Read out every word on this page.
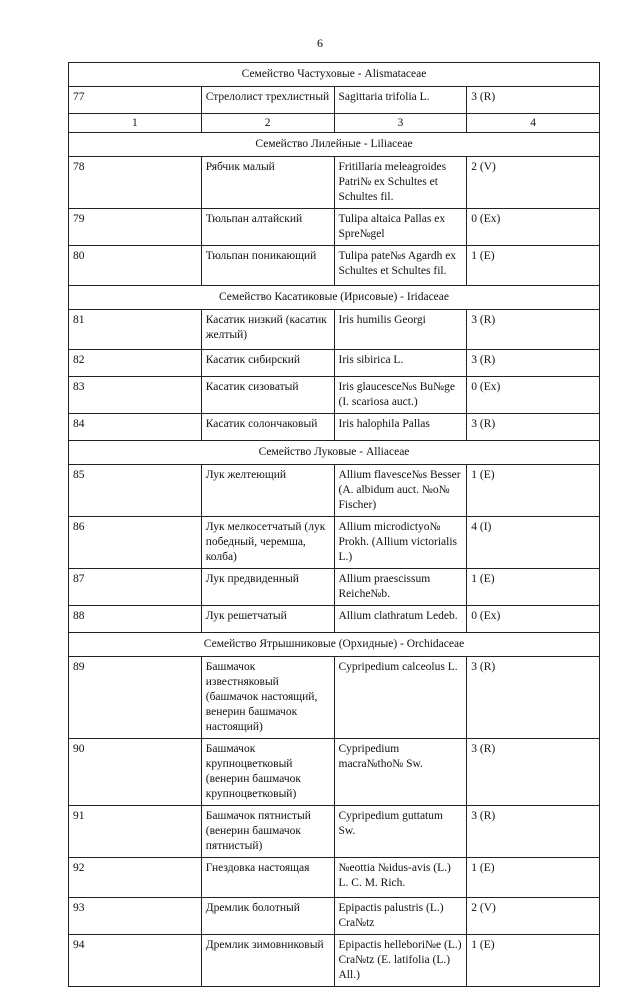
6
Семейство Частуховые - Alismataceae			
77	Стрелолист трехлистный	Sagittaria trifolia L.	3 (R)
1	2	3	4
Семейство Лилейные - Liliaceae			
78	Рябчик малый	Fritillaria meleagroides Patri№ ex Schultes et Schultes fil.	2 (V)
79	Тюльпан алтайский	Tulipa altaica Pallas ex Spre№gel	0 (Ex)
80	Тюльпан поникающий	Tulipa pate№s Agardh ex Schultes et Schultes fil.	1 (E)
Семейство Касатиковые (Ирисовые) - Iridaceae			
81	Касатик низкий (касатик желтый)	Iris humilis Georgi	3 (R)
82	Касатик сибирский	Iris sibirica L.	3 (R)
83	Касатик сизоватый	Iris glaucesce№s Bu№ge (I. scariosa auct.)	0 (Ex)
84	Касатик солончаковый	Iris halophila Pallas	3 (R)
Семейство Луковые - Alliaceae			
85	Лук желтеющий	Allium flavesce№s Besser (A. albidum auct. №o№ Fischer)	1 (E)
86	Лук мелкосетчатый (лук победный, черемша, колба)	Allium microdictyo№ Prokh. (Allium victorialis L.)	4 (I)
87	Лук предвиденный	Allium praescissum Reiche№b.	1 (E)
88	Лук решетчатый	Allium clathratum Ledeb.	0 (Ex)
Семейство Ятрышниковые (Орхидные) - Orchidaceae			
89	Башмачок известняковый (башмачок настоящий, венерин башмачок настоящий)	Cypripedium calceolus L.	3 (R)
90	Башмачок крупноцветковый (венерин башмачок крупноцветковый)	Cypripedium macra№tho№ Sw.	3 (R)
91	Башмачок пятнистый (венерин башмачок пятнистый)	Cypripedium guttatum Sw.	3 (R)
92	Гнездовка настоящая	№eottia №idus-avis (L.) L. C. M. Rich.	1 (E)
93	Дремлик болотный	Epipactis palustris (L.) Cra№tz	2 (V)
94	Дремлик зимовниковый	Epipactis hellebori№e (L.) Cra№tz (E. latifolia (L.) All.)	1 (E)
